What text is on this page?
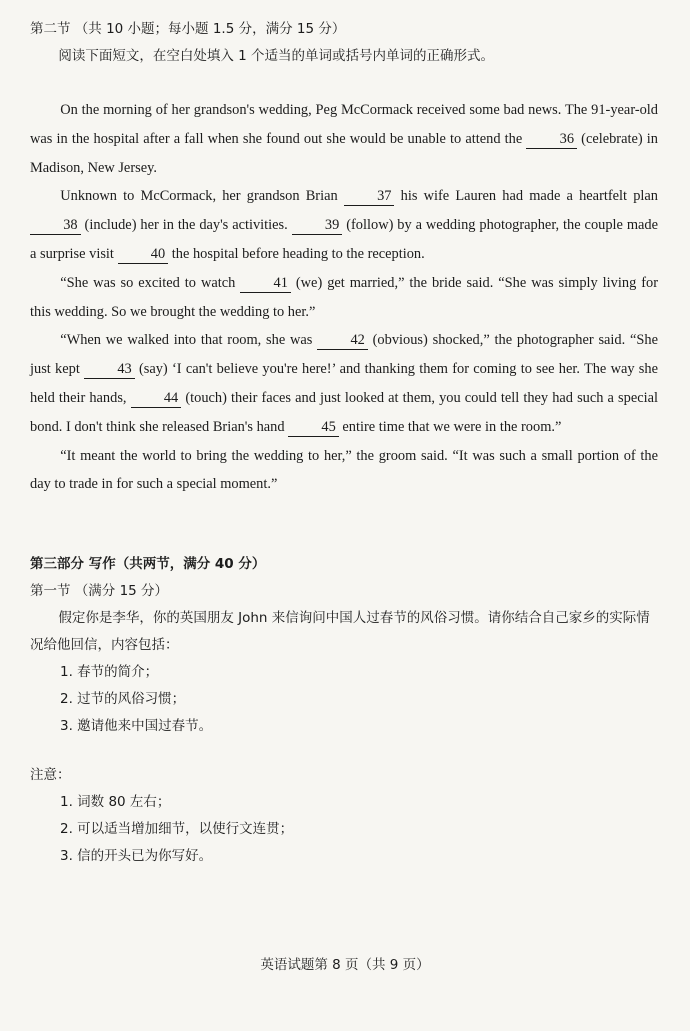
第二节 （共 10 小题；每小题 1.5 分，满分 15 分）

阅读下面短文，在空白处填入 1 个适当的单词或括号内单词的正确形式。

On the morning of her grandson's wedding, Peg McCormack received some bad news. The 91-year-old was in the hospital after a fall when she found out she would be unable to attend the 36 (celebrate) in Madison, New Jersey.

Unknown to McCormack, her grandson Brian 37 his wife Lauren had made a heartfelt plan 38 (include) her in the day's activities. 39 (follow) by a wedding photographer, the couple made a surprise visit 40 the hospital before heading to the reception.

“She was so excited to watch 41 (we) get married,” the bride said. “She was simply living for this wedding. So we brought the wedding to her.”

“When we walked into that room, she was 42 (obvious) shocked,” the photographer said. “She just kept 43 (say) ‘I can't believe you're here!’ and thanking them for coming to see her. The way she held their hands, 44 (touch) their faces and just looked at them, you could tell they had such a special bond. I don't think she released Brian's hand 45 entire time that we were in the room.”

“It meant the world to bring the wedding to her,” the groom said. “It was such a small portion of the day to trade in for such a special moment.”

第三部分 写作（共两节，满分 40 分）

第一节 （满分 15 分）

假定你是李华，你的英国朋友 John 来信询问中国人过春节的风俗习惯。请你结合自己家乡的实际情况给他回信，内容包括：

1. 春节的简介；

2. 过节的风俗习惯；

3. 邀请他来中国过春节。

注意：

1. 词数 80 左右；

2. 可以适当增加细节，以使行文连贯；

3. 信的开头已为你写好。

英语试题第 8 页（共 9 页）
